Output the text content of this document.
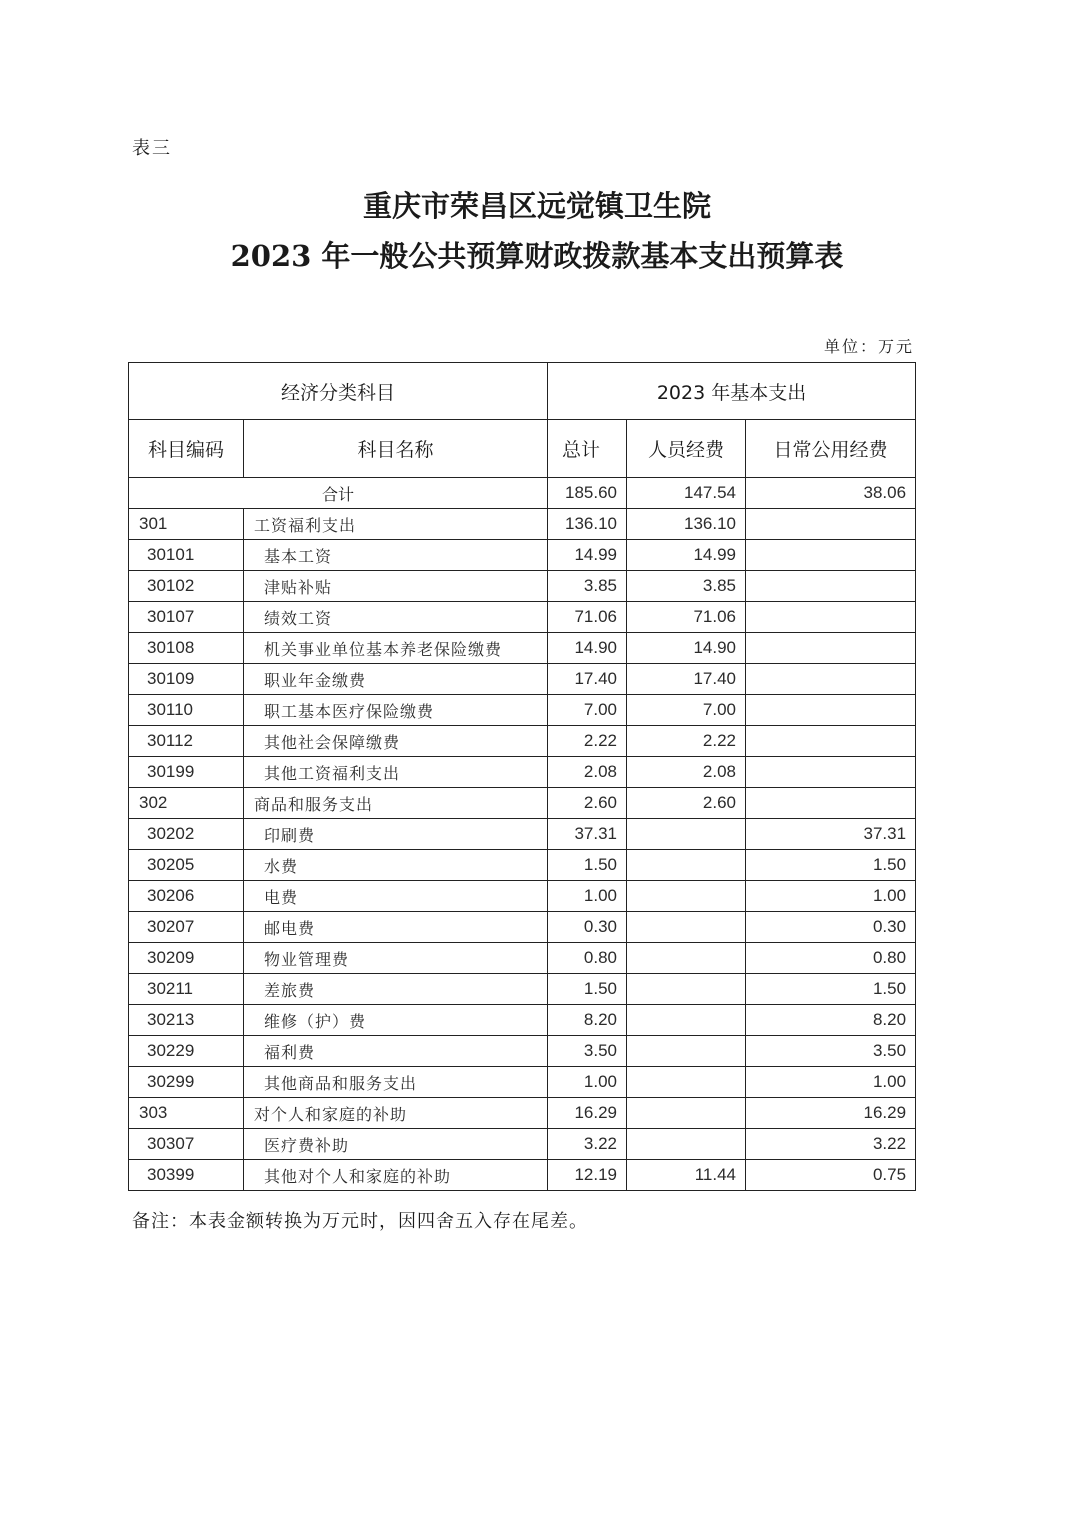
表三
重庆市荣昌区远觉镇卫生院
2023 年一般公共预算财政拨款基本支出预算表
单位：万元
经济分类科目		2023 年基本支出		
科目编码	科目名称	总计	人员经费	日常公用经费
合计		185.60	147.54	38.06
301	工资福利支出	136.10	136.10	
30101	基本工资	14.99	14.99	
30102	津贴补贴	3.85	3.85	
30107	绩效工资	71.06	71.06	
30108	机关事业单位基本养老保险缴费	14.90	14.90	
30109	职业年金缴费	17.40	17.40	
30110	职工基本医疗保险缴费	7.00	7.00	
30112	其他社会保障缴费	2.22	2.22	
30199	其他工资福利支出	2.08	2.08	
302	商品和服务支出	2.60	2.60	
30202	印刷费	37.31		37.31
30205	水费	1.50		1.50
30206	电费	1.00		1.00
30207	邮电费	0.30		0.30
30209	物业管理费	0.80		0.80
30211	差旅费	1.50		1.50
30213	维修（护）费	8.20		8.20
30229	福利费	3.50		3.50
30299	其他商品和服务支出	1.00		1.00
303	对个人和家庭的补助	16.29		16.29
30307	医疗费补助	3.22		3.22
30399	其他对个人和家庭的补助	12.19	11.44	0.75
备注：本表金额转换为万元时，因四舍五入存在尾差。
